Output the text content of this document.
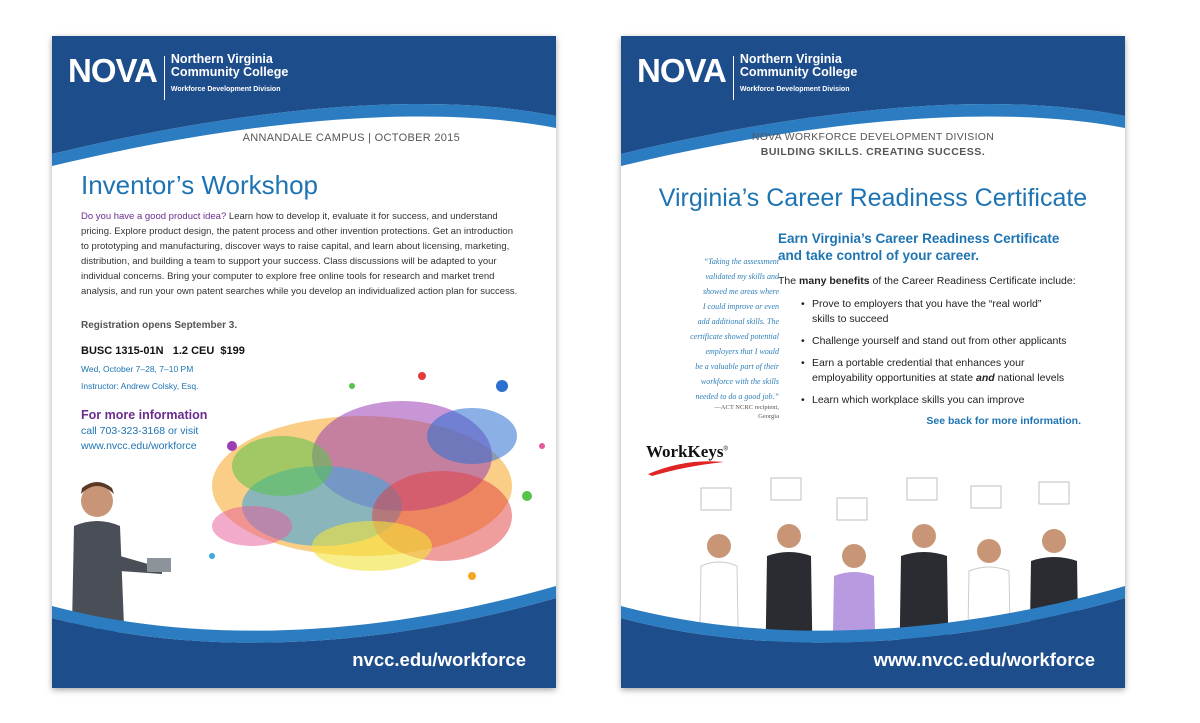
NOVA Northern Virginia
Community College
Workforce Development Division
ANNANDALE CAMPUS | OCTOBER 2015
Inventor’s Workshop
Do you have a good product idea? Learn how to develop it, evaluate it for success, and understand pricing. Explore product design, the patent process and other invention protections. Get an introduction to prototyping and manufacturing, discover ways to raise capital, and learn about licensing, marketing, distribution, and building a team to support your success. Class discussions will be adapted to your individual concerns. Bring your computer to explore free online tools for research and market trend analysis, and run your own patent searches while you develop an individualized action plan for success.
Registration opens September 3.
BUSC 1315-01N 1.2 CEU $199
Wed, October 7–28, 7–10 PM
Instructor: Andrew Colsky, Esq.
For more information
call 703-323-3168 or visit
www.nvcc.edu/workforce
nvcc.edu/workforce
NOVA Northern Virginia
Community College
Workforce Development Division
NOVA WORKFORCE DEVELOPMENT DIVISION
BUILDING SKILLS. CREATING SUCCESS.
Virginia’s Career Readiness Certificate
“Taking the assessment
validated my skills and
showed me areas where
I could improve or even
add additional skills. The
certificate showed potential
employers that I would
be a valuable part of their
workforce with the skills
needed to do a good job.”
—ACT NCRC recipient,
Georgia
Earn Virginia’s Career Readiness Certificate
and take control of your career.
The many benefits of the Career Readiness Certificate include:
• Prove to employers that you have the “real world”
skills to succeed
• Challenge yourself and stand out from other applicants
• Earn a portable credential that enhances your
employability opportunities at state and national levels
• Learn which workplace skills you can improve
See back for more information.
WorkKeys®
www.nvcc.edu/workforce
